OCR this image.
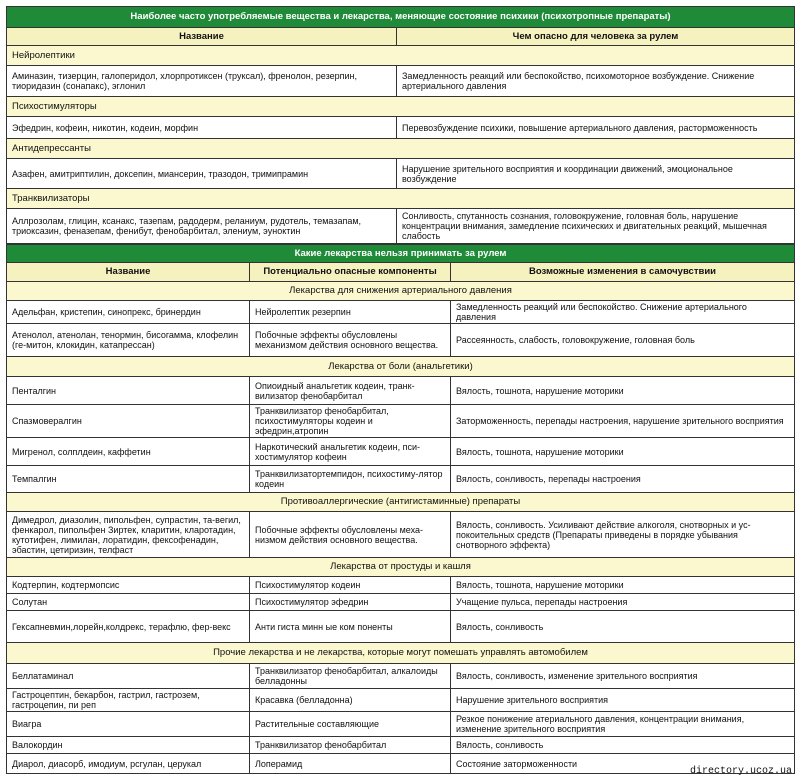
Наиболее часто употребляемые вещества и лекарства, меняющие состояние психики (психотропные препараты)	
Название	Чем опасно для человека за рулем
Нейролептики	
Аминазин, тизерцин, галоперидол, хлорпротиксен (труксал), френолон, резерпин, тиоридазин (сонапакс), эглонил	Замедленность реакций или беспокойство, психомоторное возбуждение. Снижение артериального давления
Психостимуляторы	
Эфедрин, кофеин, никотин, кодеин, морфин	Перевозбуждение психики, повышение артериального давления, расторможенность
Антидепрессанты	
Азафен, амитриптилин, доксепин, миансерин, тразодон, тримипрамин	Нарушение зрительного восприятия и координации движений, эмоциональное возбуждение
Транквилизаторы	
Аллрозолам, глицин, ксанакс, тазепам, радодерм, реланиум, рудотель, темазапам, триоксазин, феназепам, фенибут, фенобарбитал, элениум, эуноктин	Сонливость, спутанность сознания, головокружение, головная боль, нарушение концентрации внимания, замедление психических и двигательных реакций, мышечная слабость
Какие лекарства нельзя принимать за рулем		
Название	Потенциально опасные компоненты	Возможные изменения в самочувствии
Лекарства для снижения артериального давления		
Адельфан, кристепин, синопрекс, бринердин	Нейролептик резерпин	Замедленность реакций или беспокойство. Снижение артериального давления
Атенолол, атенолан, тенормин, бисогамма, клофелин (ге-митон, клокидин, катапрессан)	Побочные эффекты обусловлены механизмом действия основного вещества.	Рассеянность, слабость, головокружение, головная боль
Лекарства от боли (анальгетики)		
Пенталгин	Опиоидный анальгетик кодеин, транк-вилизатор фенобарбитал	Вялость, тошнота, нарушение моторики
Спазмовералгин	Транквилизатор фенобарбитал, психостимуляторы кодеин и эфедрин,атропин	Заторможенность, перепады настроения, нарушение зрительного восприятия
Мигренол, солплдеин, каффетин	Наркотический анальгетик кодеин, пси-хостимулятор кофеин	Вялость, тошнота, нарушение моторики
Темпалгин	Транквилизатортемпидон, психостиму-лятор кодеин	Вялость, сонливость, перепады настроения
Противоаллергические (антигистаминные) препараты		
Димедрол, диазолин, пипольфен, супрастин, та-вегил, фенкарол, пипольфен Зиртек, кларитин, кларотадин, кутотифен, лимилан, лоратидин, фексофенадин, эбастин, цетиризин, телфаст	Побочные эффекты обусловлены меха-низмом действия основного вещества.	Вялость, сонливость. Усиливают действие алкоголя, снотворных и ус-покоительных средств (Препараты приведены в порядке убывания снотворного эффекта)
Лекарства от простуды и кашля		
Кодтерпин, кодтермопсис	Психостимулятор кодеин	Вялость, тошнота, нарушение моторики
Солутан	Психостимулятор эфедрин	Учащение пульса, перепады настроения
Гексапневмин,лорейн,колдрекс, терафлю, фер-векс	Анти гиста минн ые ком поненты	Вялость, сонливость
Прочие лекарства и не лекарства, которые могут помешать управлять автомобилем		
Беллатаминал	Транквилизатор фенобарбитал, алкалоиды белладонны	Вялость, сонливость, изменение зрительного восприятия
Гастроцептин, бекарбон, гастрил, гастрозем, гастроцепин, пи реп	Красавка (белладонна)	Нарушение зрительного восприятия
Виагра	Растительные составляющие	Резкое понижение атериального давления, концентрации внимания, изменение зрительного восприятия
Валокордин	Транквилизатор фенобарбитал	Вялость, сонливость
Диарол, диасорб, имодиум, рсгулан, церукал	Лоперамид	Состояние заторможенности
directory.ucoz.ua
